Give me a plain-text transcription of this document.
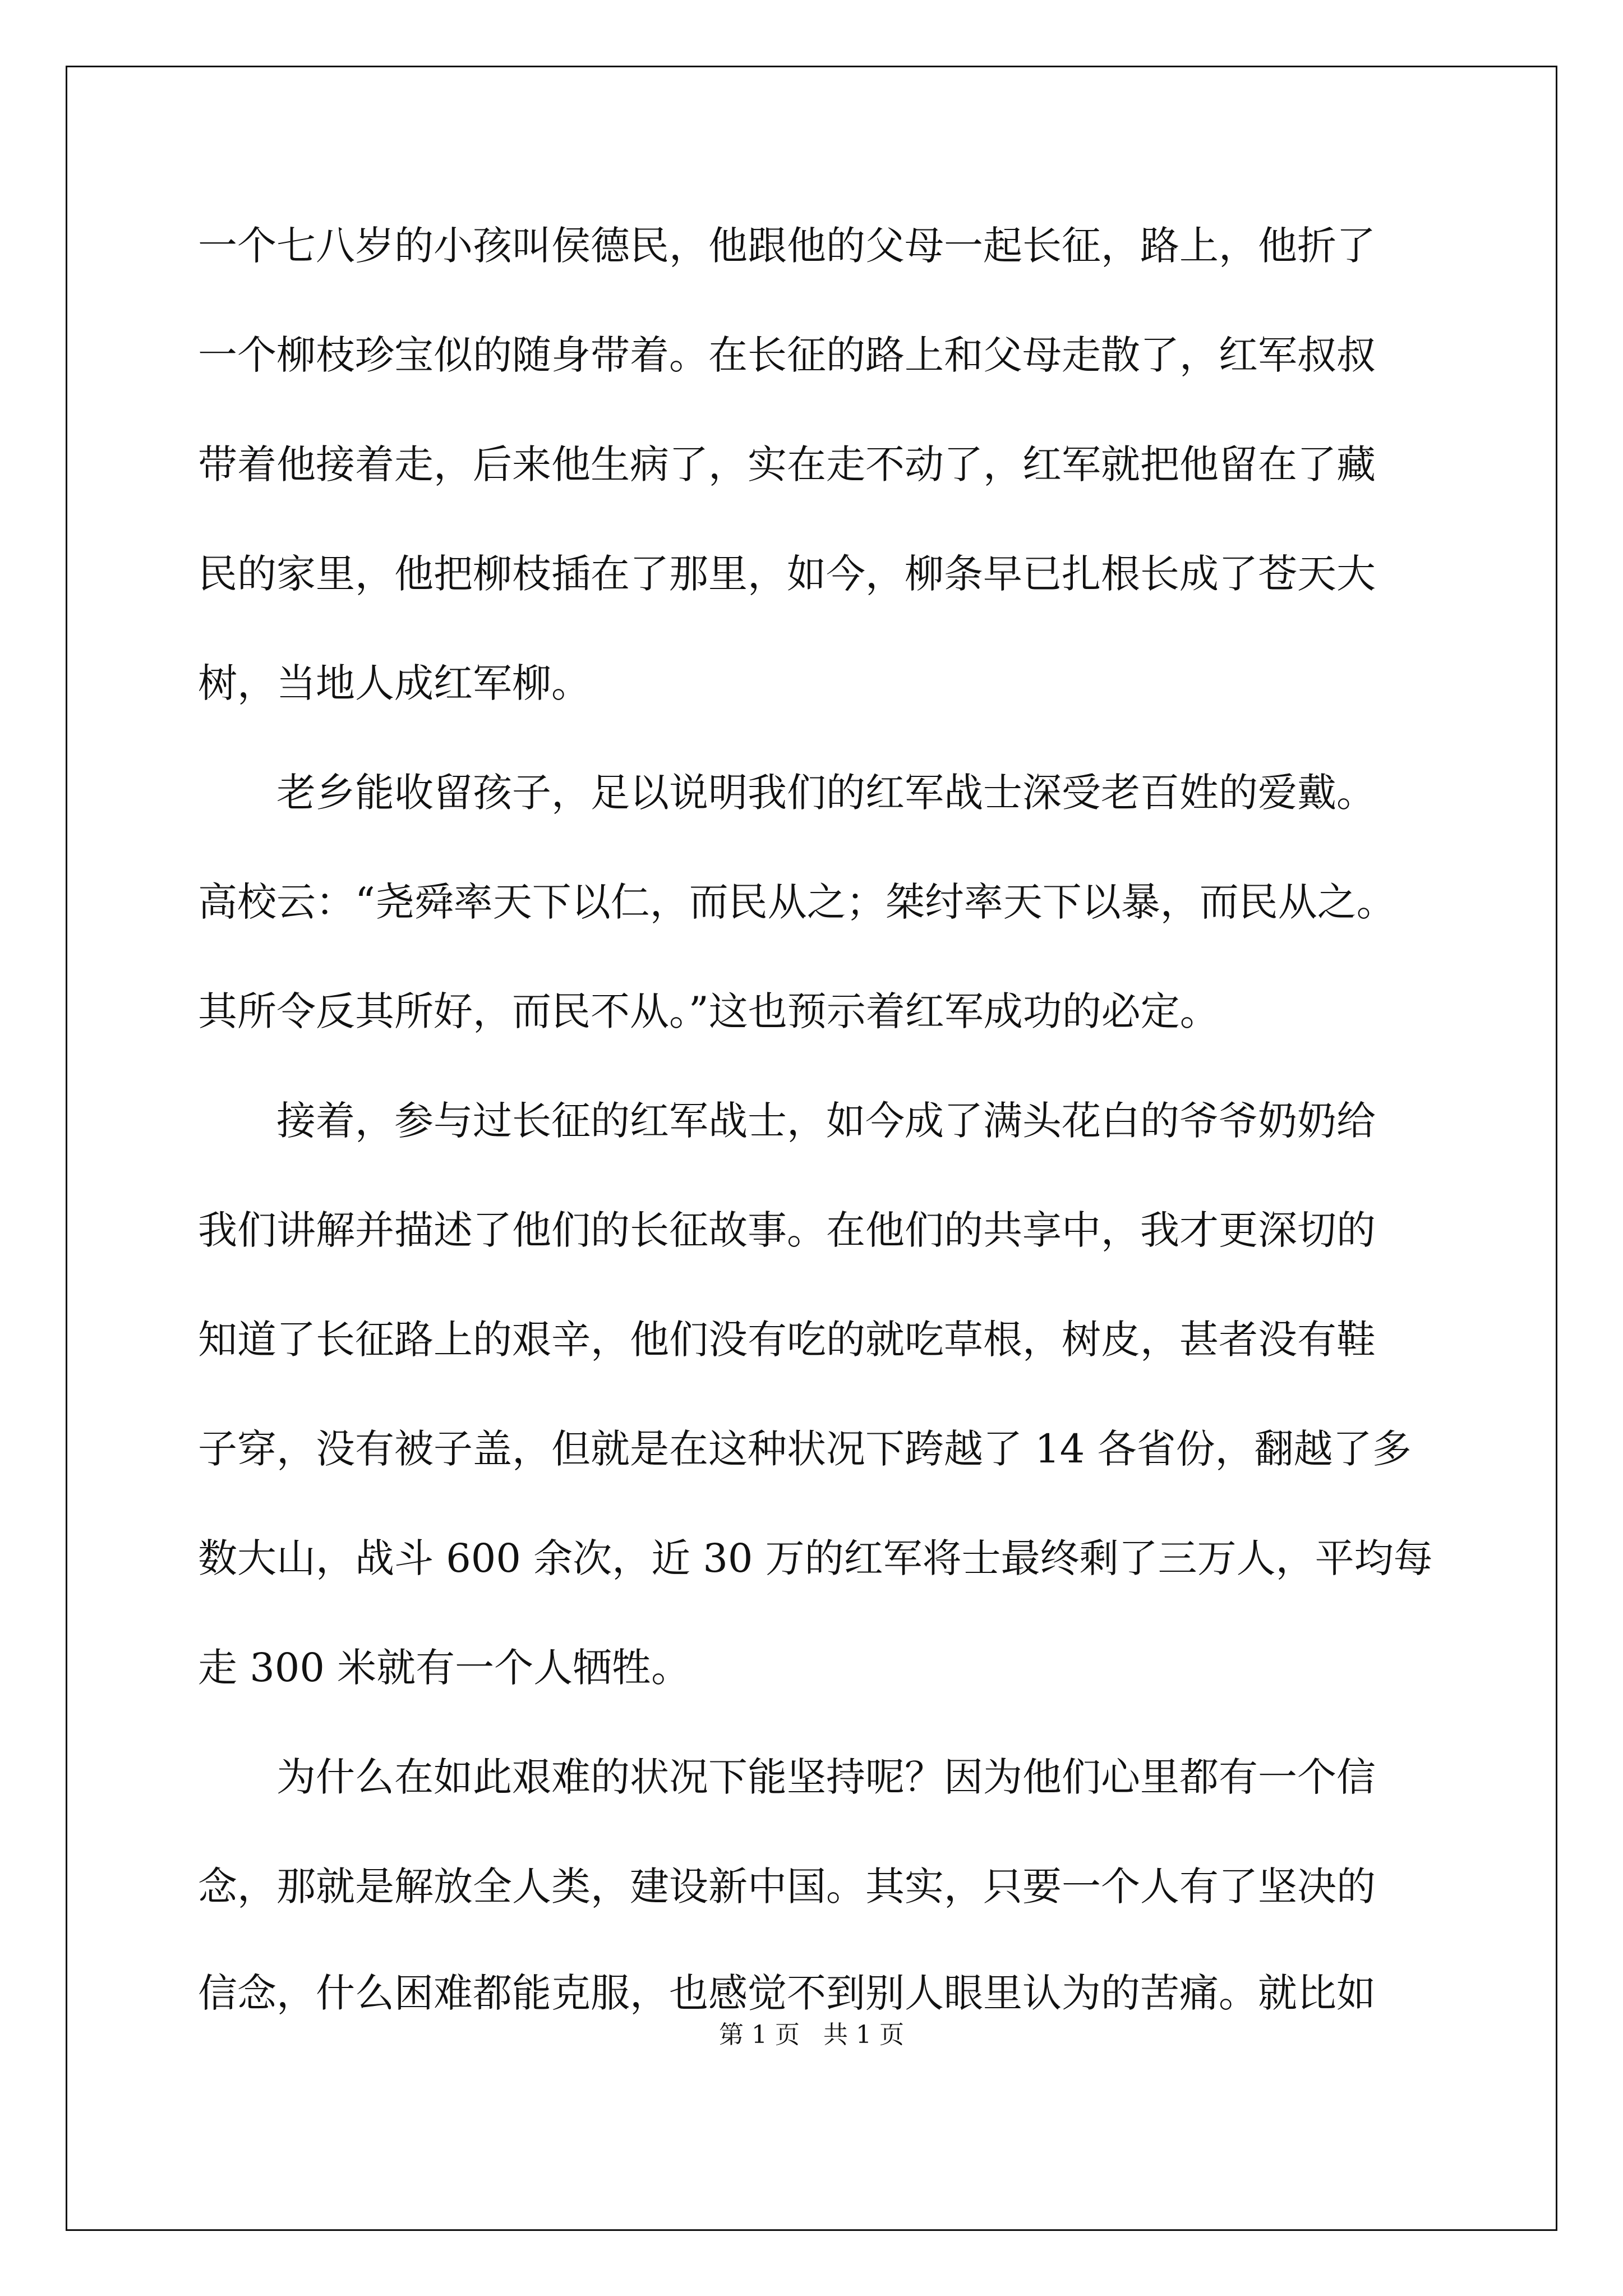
一个七八岁的小孩叫侯德民，他跟他的父母一起长征，路上，他折了
一个柳枝珍宝似的随身带着。在长征的路上和父母走散了，红军叔叔
带着他接着走，后来他生病了，实在走不动了，红军就把他留在了藏
民的家里，他把柳枝插在了那里，如今，柳条早已扎根长成了苍天大
树，当地人成红军柳。
　　老乡能收留孩子，足以说明我们的红军战士深受老百姓的爱戴。
高校云：“尧舜率天下以仁，而民从之；桀纣率天下以暴，而民从之。
其所令反其所好，而民不从。”这也预示着红军成功的必定。
　　接着，参与过长征的红军战士，如今成了满头花白的爷爷奶奶给
我们讲解并描述了他们的长征故事。在他们的共享中，我才更深切的
知道了长征路上的艰辛，他们没有吃的就吃草根，树皮，甚者没有鞋
子穿，没有被子盖，但就是在这种状况下跨越了 14 各省份，翻越了多
数大山，战斗 600 余次，近 30 万的红军将士最终剩了三万人，平均每
走 300 米就有一个人牺牲。
　　为什么在如此艰难的状况下能坚持呢？因为他们心里都有一个信
念，那就是解放全人类，建设新中国。其实，只要一个人有了坚决的
信念，什么困难都能克服，也感觉不到别人眼里认为的苦痛。就比如
第 1 页   共 1 页
